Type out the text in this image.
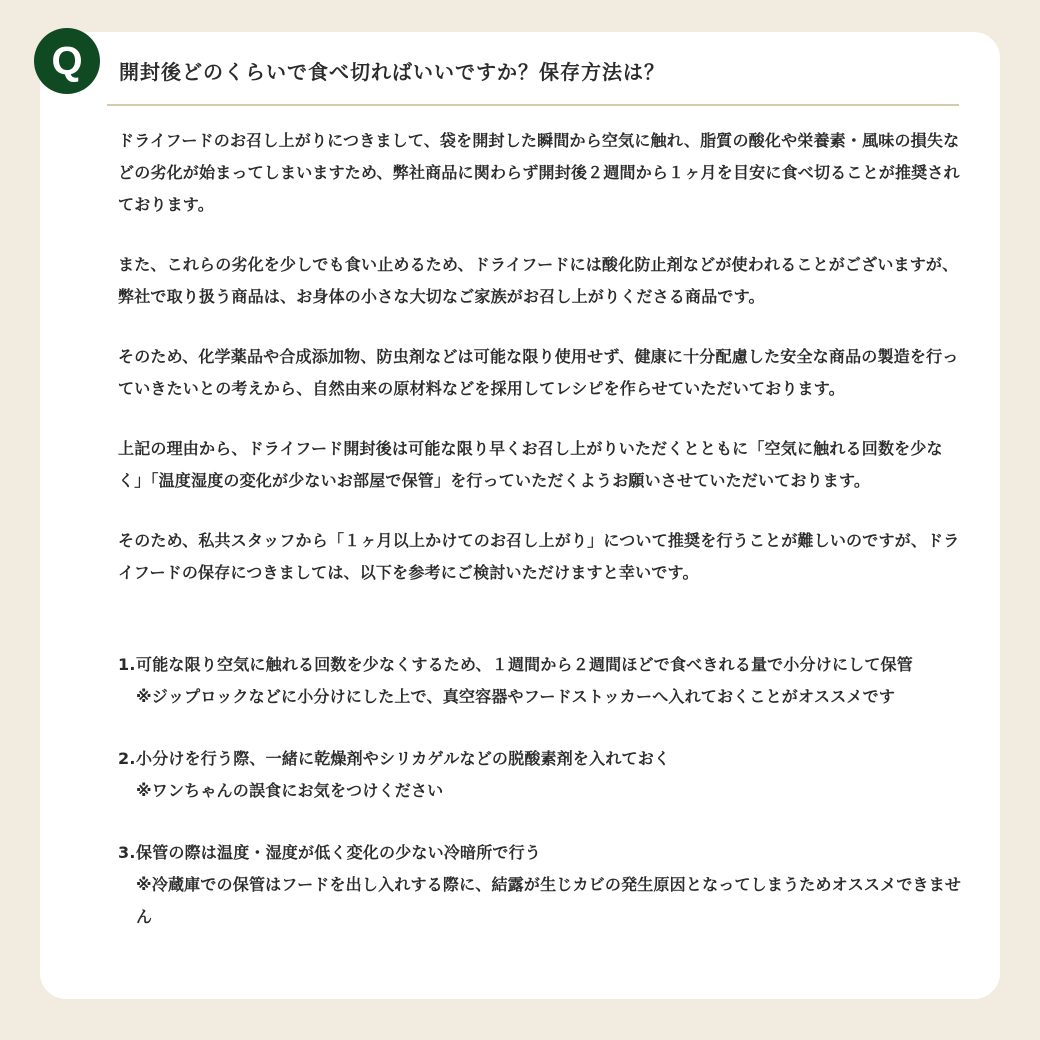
Q	開封後どのくらいで食べ切ればいいですか？保存方法は？

ドライフードのお召し上がりにつきまして、袋を開封した瞬間から空気に触れ、脂質の酸化や栄養素・風味の損失などの劣化が始まってしまいますため、弊社商品に関わらず開封後２週間から１ヶ月を目安に食べ切ることが推奨されております。

また、これらの劣化を少しでも食い止めるため、ドライフードには酸化防止剤などが使われることがございますが、弊社で取り扱う商品は、お身体の小さな大切なご家族がお召し上がりくださる商品です。

そのため、化学薬品や合成添加物、防虫剤などは可能な限り使用せず、健康に十分配慮した安全な商品の製造を行っていきたいとの考えから、自然由来の原材料などを採用してレシピを作らせていただいております。

上記の理由から、ドライフード開封後は可能な限り早くお召し上がりいただくとともに「空気に触れる回数を少なく」「温度湿度の変化が少ないお部屋で保管」を行っていただくようお願いさせていただいております。

そのため、私共スタッフから「１ヶ月以上かけてのお召し上がり」について推奨を行うことが難しいのですが、ドライフードの保存につきましては、以下を参考にご検討いただけますと幸いです。

1. 可能な限り空気に触れる回数を少なくするため、１週間から２週間ほどで食べきれる量で小分けにして保管
※ジップロックなどに小分けにした上で、真空容器やフードストッカーへ入れておくことがオススメです
2. 小分けを行う際、一緒に乾燥剤やシリカゲルなどの脱酸素剤を入れておく
※ワンちゃんの誤食にお気をつけください
3. 保管の際は温度・湿度が低く変化の少ない冷暗所で行う
※冷蔵庫での保管はフードを出し入れする際に、結露が生じカビの発生原因となってしまうためオススメできません
